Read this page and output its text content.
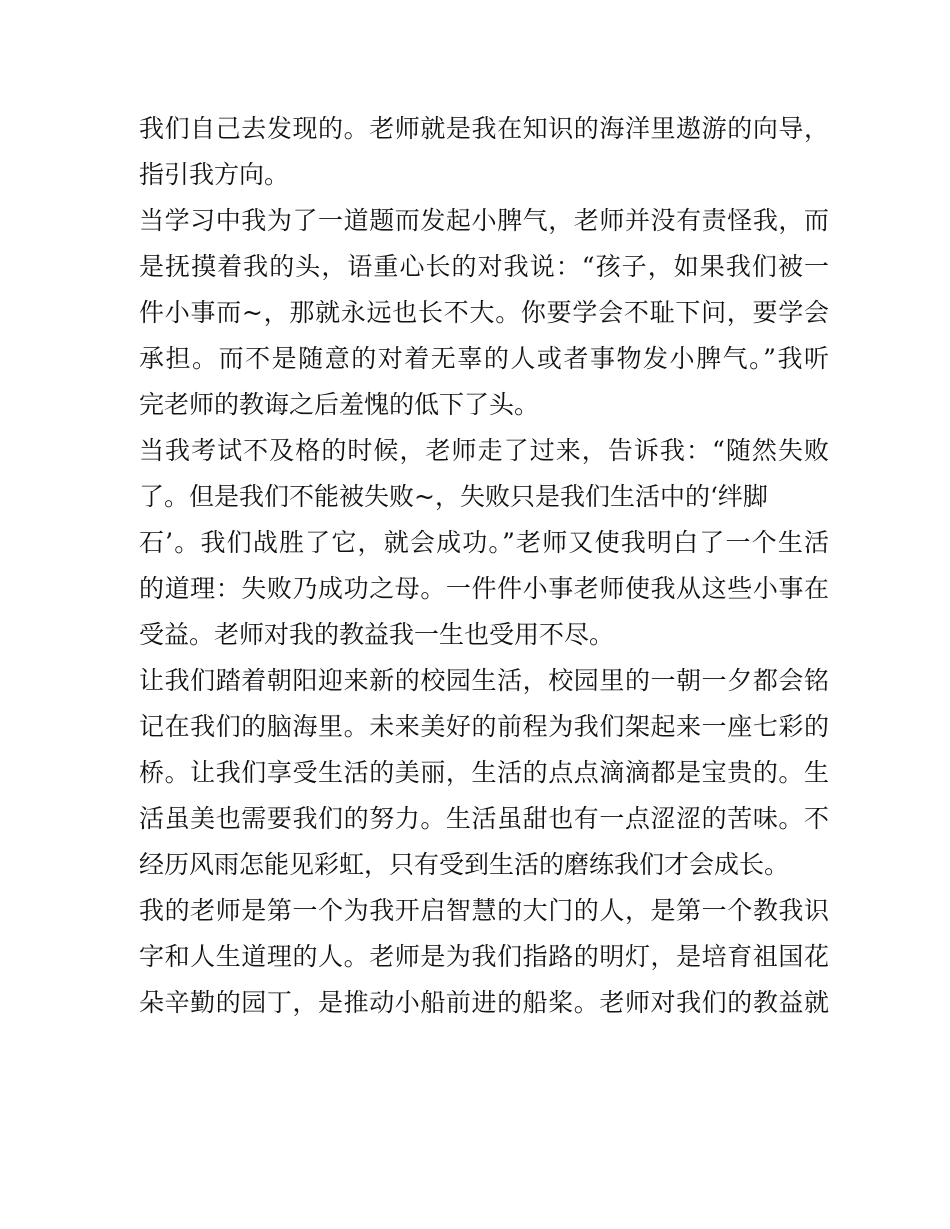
我们自己去发现的。老师就是我在知识的海洋里遨游的向导，
指引我方向。
当学习中我为了一道题而发起小脾气，老师并没有责怪我，而
是抚摸着我的头，语重心长的对我说：“孩子，如果我们被一
件小事而~，那就永远也长不大。你要学会不耻下问，要学会
承担。而不是随意的对着无辜的人或者事物发小脾气。”我听
完老师的教诲之后羞愧的低下了头。
当我考试不及格的时候，老师走了过来，告诉我：“随然失败
了。但是我们不能被失败~，失败只是我们生活中的‘绊脚
石’。我们战胜了它，就会成功。”老师又使我明白了一个生活
的道理：失败乃成功之母。一件件小事老师使我从这些小事在
受益。老师对我的教益我一生也受用不尽。
让我们踏着朝阳迎来新的校园生活，校园里的一朝一夕都会铭
记在我们的脑海里。未来美好的前程为我们架起来一座七彩的
桥。让我们享受生活的美丽，生活的点点滴滴都是宝贵的。生
活虽美也需要我们的努力。生活虽甜也有一点涩涩的苦味。不
经历风雨怎能见彩虹，只有受到生活的磨练我们才会成长。
我的老师是第一个为我开启智慧的大门的人，是第一个教我识
字和人生道理的人。老师是为我们指路的明灯，是培育祖国花
朵辛勤的园丁，是推动小船前进的船桨。老师对我们的教益就
